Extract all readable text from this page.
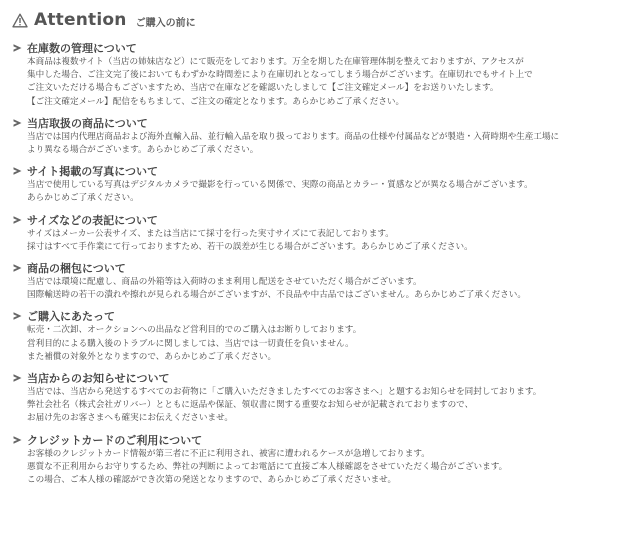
Attention ご購入の前に
在庫数の管理について
本商品は複数サイト（当店の姉妹店など）にて販売をしております。万全を期した在庫管理体制を整えておりますが、アクセスが
集中した場合、ご注文完了後においてもわずかな時間差により在庫切れとなってしまう場合がございます。在庫切れでもサイト上で
ご注文いただける場合もございますため、当店で在庫などを確認いたしまして【ご注文確定メール】をお送りいたします。
【ご注文確定メール】配信をもちまして、ご注文の確定となります。あらかじめご了承ください。
当店取扱の商品について
当店では国内代理店商品および海外直輸入品、並行輸入品を取り扱っております。商品の仕様や付属品などが製造・入荷時期や生産工場に
より異なる場合がございます。あらかじめご了承ください。
サイト掲載の写真について
当店で使用している写真はデジタルカメラで撮影を行っている関係で、実際の商品とカラー・質感などが異なる場合がございます。
あらかじめご了承ください。
サイズなどの表記について
サイズはメーカー公表サイズ、または当店にて採寸を行った実寸サイズにて表記しております。
採寸はすべて手作業にて行っておりますため、若干の誤差が生じる場合がございます。あらかじめご了承ください。
商品の梱包について
当店では環境に配慮し、商品の外箱等は入荷時のまま利用し配送をさせていただく場合がございます。
国際輸送時の若干の潰れや擦れが見られる場合がございますが、不良品や中古品ではございません。あらかじめご了承ください。
ご購入にあたって
転売・二次卸、オークションへの出品など営利目的でのご購入はお断りしております。
営利目的による購入後のトラブルに関しましては、当店では一切責任を負いません。
また補償の対象外となりますので、あらかじめご了承ください。
当店からのお知らせについて
当店では、当店から発送するすべてのお荷物に「ご購入いただきましたすべてのお客さまへ」と題するお知らせを同封しております。
弊社会社名（株式会社ガリバー）とともに返品や保証、領収書に関する重要なお知らせが記載されておりますので、
お届け先のお客さまへも確実にお伝えくださいませ。
クレジットカードのご利用について
お客様のクレジットカード情報が第三者に不正に利用され、被害に遭われるケースが急増しております。
悪質な不正利用からお守りするため、弊社の判断によってお電話にて直接ご本人様確認をさせていただく場合がございます。
この場合、ご本人様の確認ができ次第の発送となりますので、あらかじめご了承くださいませ。
